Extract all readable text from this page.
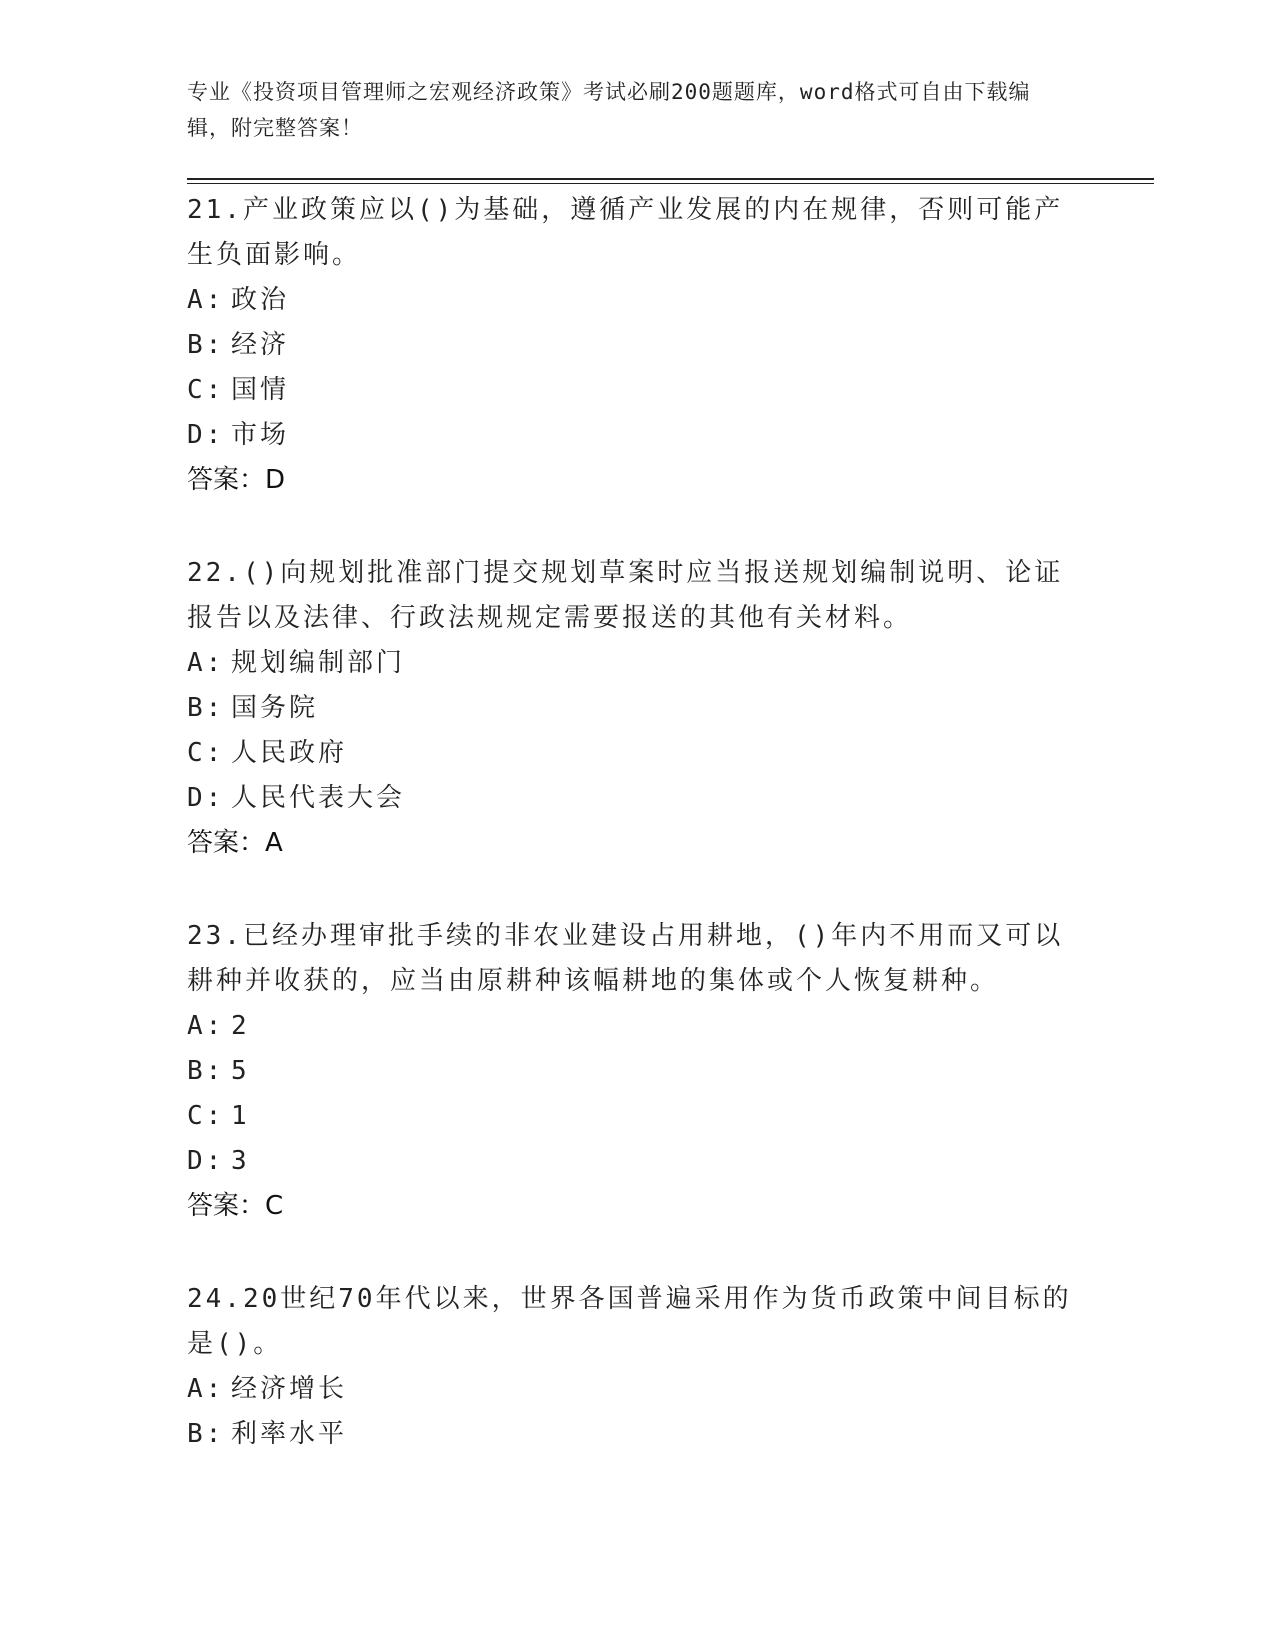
专业《投资项目管理师之宏观经济政策》考试必刷200题题库，word格式可自由下载编辑，附完整答案！

21.产业政策应以()为基础，遵循产业发展的内在规律，否则可能产生负面影响。

A: 政治

B: 经济

C: 国情

D: 市场

答案：D

22.()向规划批准部门提交规划草案时应当报送规划编制说明、论证报告以及法律、行政法规规定需要报送的其他有关材料。

A: 规划编制部门

B: 国务院

C: 人民政府

D: 人民代表大会

答案：A

23.已经办理审批手续的非农业建设占用耕地，()年内不用而又可以耕种并收获的，应当由原耕种该幅耕地的集体或个人恢复耕种。

A: 2

B: 5

C: 1

D: 3

答案：C

24.20世纪70年代以来，世界各国普遍采用作为货币政策中间目标的是()。

A: 经济增长

B: 利率水平
